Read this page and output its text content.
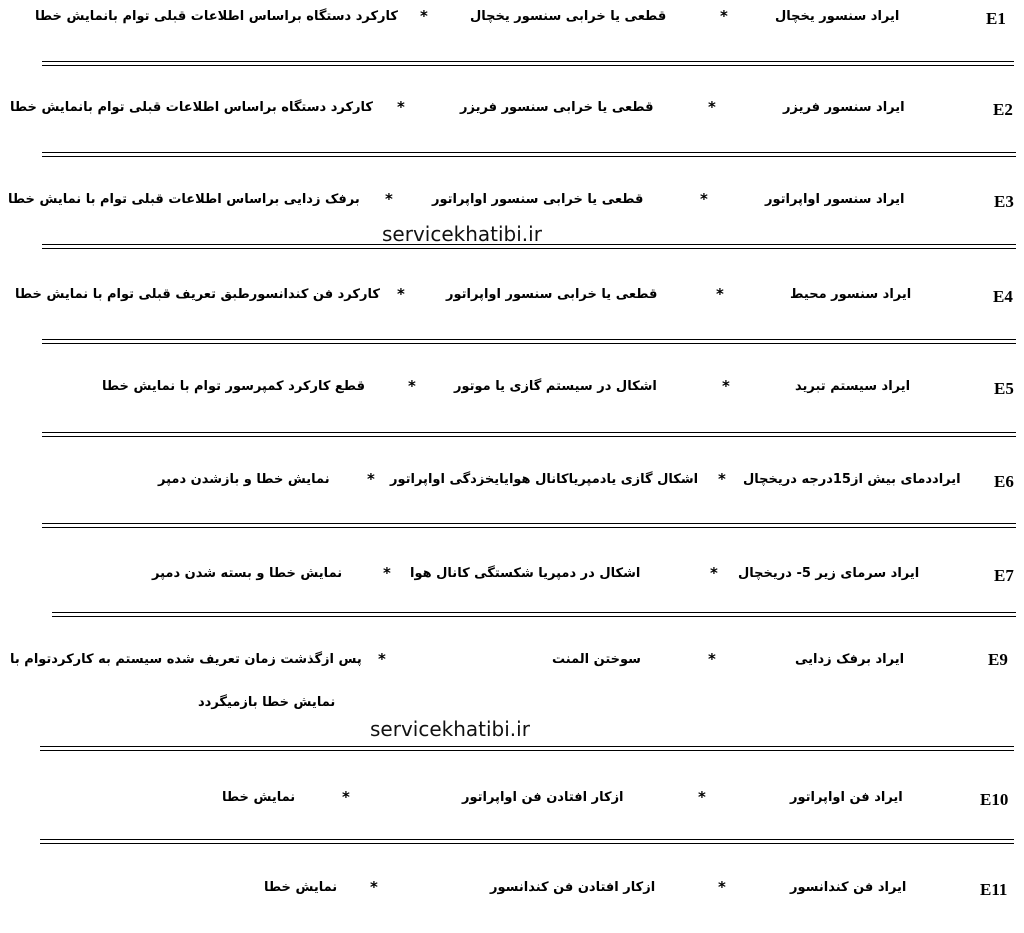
E1
ایراد سنسور یخچال
*
قطعی یا خرابی سنسور یخچال
*
کارکرد دستگاه براساس اطلاعات قبلی توام بانمایش خطا
E2
ایراد سنسور فریزر
*
قطعی یا خرابی سنسور فریزر
*
کارکرد دستگاه براساس اطلاعات قبلی توام بانمایش خطا
E3
ایراد سنسور اواپراتور
*
قطعی یا خرابی سنسور اواپراتور
*
برفک زدایی براساس اطلاعات قبلی توام با نمایش خطا
servicekhatibi.ir
E4
ایراد سنسور محیط
*
قطعی یا خرابی سنسور اواپراتور
*
کارکرد فن کندانسورطبق تعریف قبلی توام با نمایش خطا
E5
ایراد سیستم تبرید
*
اشکال در سیستم گازی یا موتور
*
قطع کارکرد کمپرسور توام با نمایش خطا
E6
ایراددمای بیش از15درجه دریخچال
*
اشکال گازی یادمپریاکانال هوایایخزدگی اواپراتور
*
نمایش خطا و بازشدن دمپر
E7
ایراد سرمای زیر 5- دریخچال
*
اشکال در دمپریا شکستگی کانال هوا
*
نمایش خطا و بسته شدن دمپر
E9
ایراد برفک زدایی
*
سوختن المنت
*
پس ازگذشت زمان تعریف شده سیستم به کارکردتوام با
نمایش خطا بازمیگردد
servicekhatibi.ir
E10
ایراد فن اواپراتور
*
ازکار افتادن فن اواپراتور
*
نمایش خطا
E11
ایراد فن کندانسور
*
ازکار افتادن فن کندانسور
*
نمایش خطا
